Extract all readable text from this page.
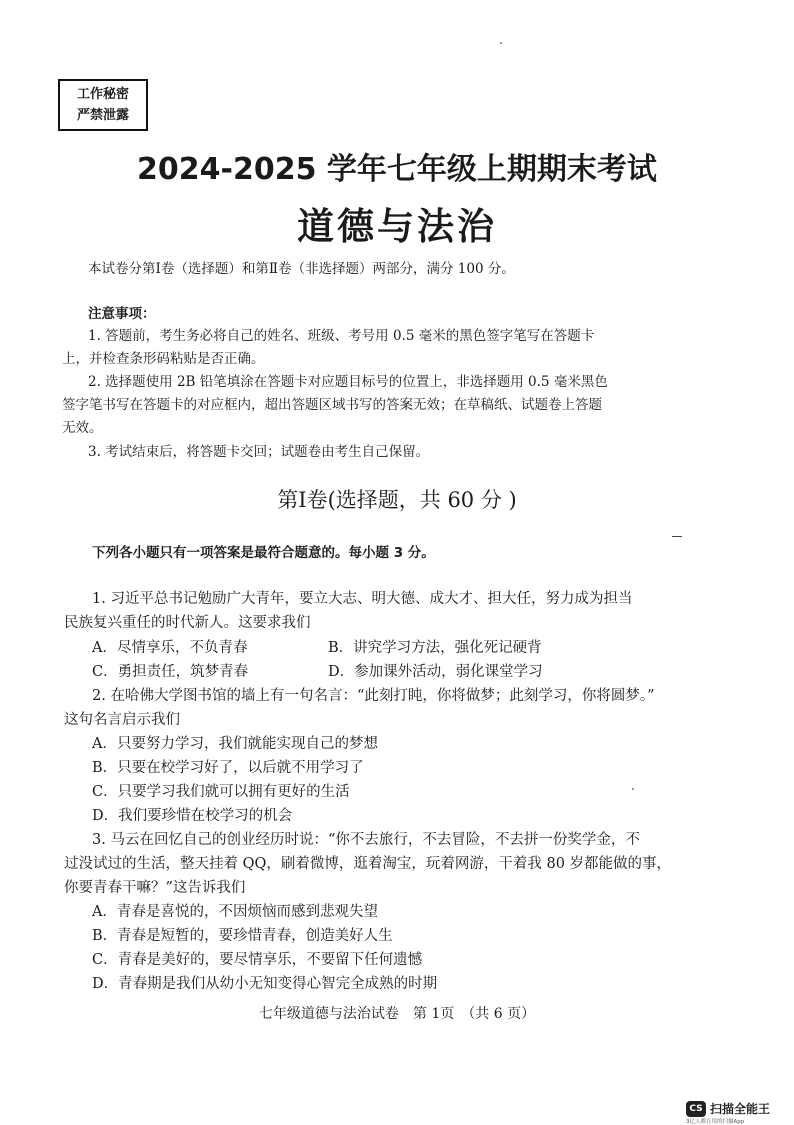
工作秘密
严禁泄露
2024-2025 学年七年级上期期末考试
道德与法治
本试卷分第Ⅰ卷（选择题）和第Ⅱ卷（非选择题）两部分，满分 100 分。
注意事项：
1. 答题前，考生务必将自己的姓名、班级、考号用 0.5 毫米的黑色签字笔写在答题卡
上，并检查条形码粘贴是否正确。
2. 选择题使用 2B 铅笔填涂在答题卡对应题目标号的位置上，非选择题用 0.5 毫米黑色
签字笔书写在答题卡的对应框内，超出答题区域书写的答案无效；在草稿纸、试题卷上答题
无效。
3. 考试结束后，将答题卡交回；试题卷由考生自己保留。
第Ⅰ卷(选择题，共 60 分 )
下列各小题只有一项答案是最符合题意的。每小题 3 分。
1. 习近平总书记勉励广大青年，要立大志、明大德、成大才、担大任，努力成为担当
民族复兴重任的时代新人。这要求我们
A．尽情享乐，不负青春	B．讲究学习方法，强化死记硬背
C．勇担责任，筑梦青春	D．参加课外活动，弱化课堂学习
2. 在哈佛大学图书馆的墙上有一句名言：“此刻打盹，你将做梦；此刻学习，你将圆梦。”
这句名言启示我们
A．只要努力学习，我们就能实现自己的梦想
B．只要在校学习好了，以后就不用学习了
C．只要学习我们就可以拥有更好的生活
D．我们要珍惜在校学习的机会
3. 马云在回忆自己的创业经历时说：“你不去旅行，不去冒险，不去拼一份奖学金，不
过没试过的生活，整天挂着 QQ，刷着微博，逛着淘宝，玩着网游，干着我 80 岁都能做的事，
你要青春干嘛？”这告诉我们
A．青春是喜悦的，不因烦恼而感到悲观失望
B．青春是短暂的，要珍惜青春，创造美好人生
C．青春是美好的，要尽情享乐，不要留下任何遗憾
D．青春期是我们从幼小无知变得心智完全成熟的时期
七年级道德与法治试卷　第 1页　（共 6 页）
CS 扫描全能王
3亿人都在用的扫描App
